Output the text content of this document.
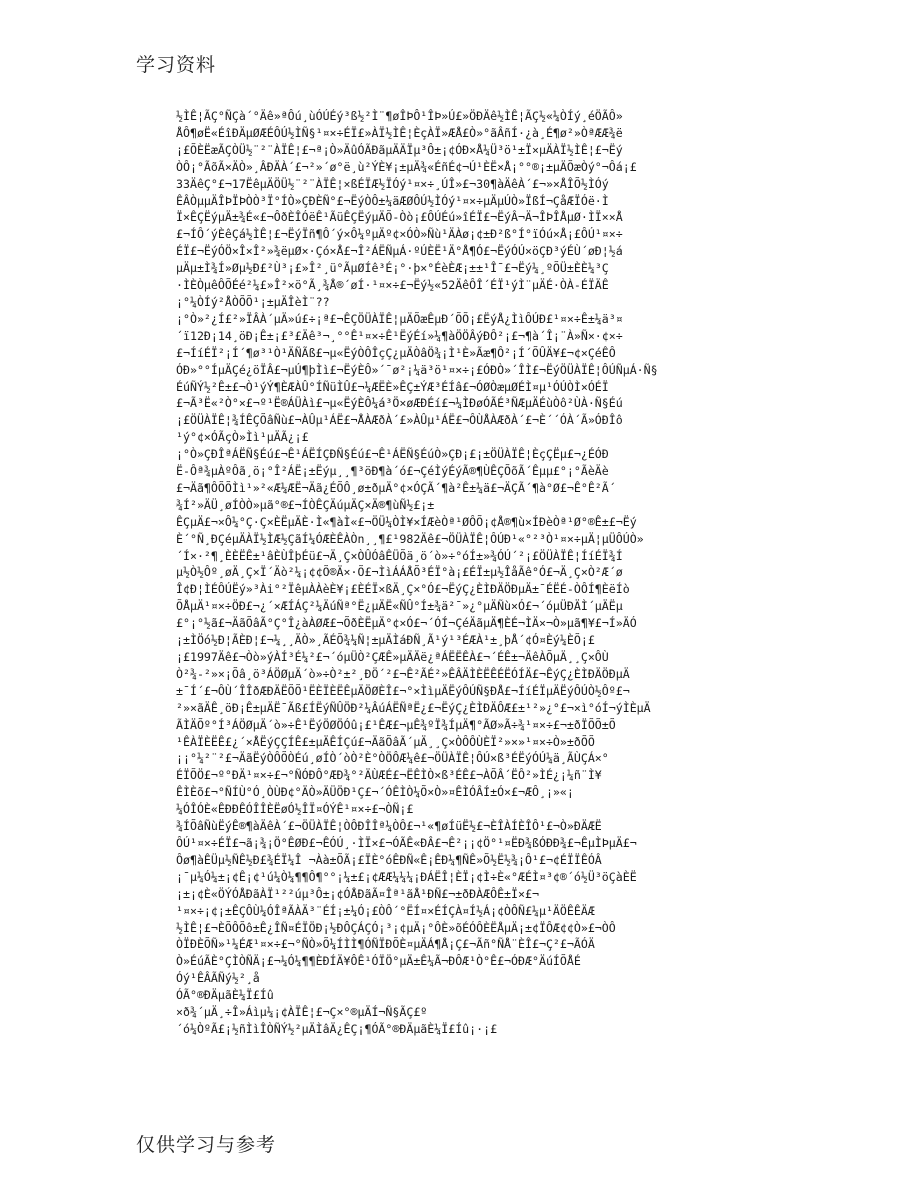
学习资料

½ÌÊ¦ÃÇ°ÑÇà´°Äê»ªÔú¸ùÓÚÉý³ß½²Ì¨¶øÎÞÔ¹ÎÞ»Ú£»ÖÐÄê½ÌÊ¦ÃÇ½«¼ÒÍý¸éÖÃÔ»
ÅÔ¶øË«ÉîÐÄµØÆÉÔÚ½ÌÑ§¹¤×÷ÉÏ£»ÀÏ½ÌÊ¦ÈçÀÏ»ÆÅ£Ò»°ãÂñÍ·¿à¸É¶ø²»ÒªÆÆ¾ë
¡£ÕÈËæÃÇÒÜ½¨²¨ÀÏÊ¦£¬ª¡Ò»ÄûÓÃÐãµÄÄÏµ³Ô±¡¢ÓÐ×Å¼Ü³ö¹±Ï×µÄÀÏ½ÌÊ¦£¬Ëý
ÒÔ¡°ÃõÃ×ÄÒ»¸ÂÐÄÀ´£¬²»´ø°ë¸ù²ÝÈ¥¡±µÄ¾«ÉñÉ¢¬Ú¹ÈË×Å¡°°®¡±µÄÕæÒý°¬Ôá¡£
33ÄêÇ°£¬17ËêµÄÖÜ½¨²¨ÀÏÊ¦×ßÉÏÆ½ÏÓý¹¤×÷¸ÚÎ»£¬30¶àÄêÀ´£¬»×ÅÎÕ½ÌÓý
ÊÂÒµµÄÎÞÏÞÒÒ³Ï°ÍÒ»ÇÐÈÑ°£¬ËýÒÔ±¼äÆØÔÚ½ÌÓý¹¤×÷µÄµÚÒ»ÏßÍ¬ÇåÆÏÓë·Ì
Ï×ÊÇËýµÄ±¾É«£¬ÔðÈÎÓëÊ¹ÃüÊÇËýµÄÕ-Òò¡£ÔÚÉú»îÉÏ£¬ËýÂ¬Ä¬ÎÞÎÅµØ·ÌÏ××Å
£¬ÍÔ´ýÈêÇá½ÌÊ¦£¬ËýÏñ¶Ô´ý×Ô¼ºµÄº¢×ÓÒ»Ñù¹ÄÀø¡¢±Ð²ß°Í°ïÓú×Å¡£ÔÚ¹¤×÷
ÉÏ£¬ËýÓÖ×Î×Î²»¾ëµØ×·Çó×Å£¬Î²ÁËÑµÁ·ºÚÈË¹Ä°Å¶Ó£¬ËýÓÚ×öÇÐ³ýÉÙ´øÐ¦½á
µÄµ±Ì¾Í»Øµ½Ð£²Ù³¡£»Î²¸ü°ÃµØÍê³É¡°·þ×°ÉèÈÆ¡±±¹Î¯£¬Ëý¼¸ºÕÜ±ÈÈ¼³Ç
·ÌÈÒµêÔÕÉé²¼£»Î²×ö°Ã¸¾Å®´øÍ·¹¤×÷£¬Ëý½«52ÄêÔÎ´ÉÏ¹ýÌ¨µÄÉ·ÒÀ-ÉÏÄÊ
¡°¼ÒÍý²ÅÒÕÕ¹¡±µÄÎèÌ¨??

¡°Ò»²¿Í£²»ÏÂÀ´µÄ»ú£÷¡ª£¬ÊÇÖÜÀÏÊ¦µÄÕæÊµÐ´ÕÕ¡£ËýÅ¿ÌìÔÚÐ£¹¤×÷Ê±¼ä³¤
´ï12Ð¡14¸öÐ¡Ê±¡£³£Äê³¬¸°°Ê¹¤×÷Ê¹ËýÉí»¼¶àÖÖÂýÐÔ²¡£¬¶à´Î¡¨À»Ñ×·¢×÷
£¬ÍíÉÏ²¡Í´¶ø³¹Ò¹ÄÑÃß£¬µ«ËýÒÔÎçÇ¿µÄÒâÖ¾¡Ì¹È»Ãæ¶Ô²¡Í´ÕÛÄ¥£¬¢×ÇéÊÔ
ÓÐ»°°ÍµÄÇé¿öÏÂ£¬µÚ¶þÌì£¬ËýÈÔ»´¯ø²¡¼ä³ö¹¤×÷¡£ÓÐÒ»´ÎÌ£¬ËýÖÜÀÏÊ¦ÔÚÑµÁ·Ñ§
ÉúÑÝ½²Ê±£¬Ò¹ýÝ¶ÈÆÀÛ°ÍÑüÌÛ£¬¼ÆËÈ»ÊÇ±ÝÆ³ÉÍâ£¬ÓØÒæµØÉÌ¤µ¹ÓÚÒÌ×ÓÉÏ
£¬Ã³Ë«²Ò°×£¬º¹Ë®ÁÜÀì£¬µ«ËýÈÔ¼á³Ö×øÆÐÉí£¬¼ÌÐøÓÃÉ³ÑÆµÄÉùÒô²ÙÀ·Ñ§Éú
¡£ÖÜÀÏÊ¦¾ÍÊÇÕâÑù£¬ÀÛµ¹ÁË£¬ÅÀÆðÀ´£»ÀÛµ¹ÁË£¬ÔÙÅÀÆðÀ´£¬È´´ÓÀ´Ã»ÓÐÎô
¹ý°¢×ÓÃçÒ»Ìì¹µÄÃ¿¡£

¡°Ò»ÇÐÎªÁËÑ§Éú£¬Ê¹ÁËÍÇÐÑ§Éú£¬Ê¹ÁËÑ§ÉúÒ»ÇÐ¡£¡±ÖÜÀÏÊ¦ÈçÇËµ£¬¿ÉÓÐ
Ë-Ôª¾µÀºÔã¸ö¡°Î²ÁË¡±Ëýµ¸¸¶³öÐ¶à´ó£¬ÇéÌýÉýÃ®¶ÙÊÇÕõÃ´Êµµ£°¡°ÃèÄè
£¬Äã¶ÔÕÕÌì¹»²«Æ¼ÆË¬Äã¿ÉÕÔ¸ø±ðµÄ°¢×ÓÇÃ´¶à²Ê±¼ä£¬ÄÇÃ´¶à°Ø£¬Ê°Ê²Ã´
¾Í²»ÄÜ¸øÍÒÒ»µã°®£¬ÍÒÊÇÄúµÄÇ×Ä®¶ùÑ½£¡±
ÊÇµÄ£¬×Ô¼°Ç·Ç×ÈËµÄÈ·Ì«¶àÌ«£¬ÖÜ¼ÒÌ¥×ÍÆèÒª¹ØÔÕ¡¢Å®¶ù×ÍÐèÒª¹Ø°®Ê±£¬Ëý
È´°Ñ¸ÐÇéµÄÀÏ½ÌÆ½ÇãÍ¼ÓÆÈÊÀÒn¸¸¶£¹982Äê£¬ÖÜÀÏÊ¦ÔÚÐ¹«°²³Ò¹¤×÷µÄ¦µÜÔÚÒ»
´Í×·²¶¸ÈÈËÊ±¹âÈÙÎþÉü£¬Ä¸Ç×ÒÛÓâÊÜÕä¸ö´ò»÷°óÍ±»¾ÓÚ´²¡£ÖÜÀÏÊ¦ÍíÉÏ¾Í
µ½Ò½Ôº¸øÄ¸Ç×Ï´Äò²¼¡¢¢Õ®Ä×·Õ£¬ÌìÁÁÅÕ³ÉÏ°à¡£ÉÏ±µ½ÎåÃê°Ó£¬Ä¸Ç×Ò²Æ´ø
Î¢Ð¦ÌÉÔÚËý»³Ài°²ÏêµÀÀèÈ¥¡£ÈÉÏ×ßÄ¸Ç×°Ó£¬ËýÇ¿ÈÌÐÄÖÐµÄ±¯ÉËÉ-ÒÔÍ¶ÈëÍò
ÕÅµÄ¹¤×÷ÖÐ£¬¿´×ÆÍÁÇ²¼ÄúÑª°Ë¿µÄË«ÑÛ°Í±¾ä²¯»¿°µÄÑù×Ó£¬´óµÜÐÄÌ´µÄËµ
£°¡°½ã£¬ÄãÕâÃ°Ç°Î¿àÀØÆ£¬ÕðÈËµÄ°¢×Ó£¬´ÓÍ¬ÇéÄãµÄ¶ÈÉ¬ÌÄ×¬Ò»µã¶¥£¬Í»ÄÓ
¡±ÌÖó½Ð¦ÃÈÐ¦£¬¼¸¸ÄÒ»¸ÃÉÕ¾¼Ñ¦±µÄÌáÐÑ¸Ã¹ý¹³ÉÆÀ¹±¸þÅ´¢Ó¤Èý¼ÈÕ¡£
¡£1997Äê£¬Òò»ýÀÍ³É¼²£¬´óµÜÒ²ÇÆÊ»µÄÄë¿ªÁËËÊÀ£¬´ÉÊ±¬ÄêÀÕµÄ¸¸Ç×ÔÙ
Ò²¾-²»×¡Õâ¸ö³ÁÖØµÄ´ò»÷Ò²±²¸ÐÖ´²£¬Ê²ÃÉ²»ÊÂÄÌÈËÊÉËÓÍÄ£¬ÊýÇ¿ÈÌÐÄÖÐµÄ
±¯Í´£¬ÔÙ´ÎÎðÆÐÄËÕÕ¹ËÈÏÈËÊµÄÖØÈÎ£¬°×ÌìµÄËýÔÚÑ§ÐÅ£¬ÍíÉÏµÄËýÔÚÒ½Ôº£¬
²»×ãÄÊ¸öÐ¡Ê±µÄË¯Ãß£ÍËýÑÛÖÐ²¼ÂúÁËÑªË¿£¬ËýÇ¿ÈÌÐÄÔÆ£±¹²»¿°£¬×ì°óÍ¬ýÌÈµÄ
ÃÌÄÕº°Í³ÁÖØµÄ´ò»÷Ê¹ËýÖØÖÓû¡£¹ÊÆ£¬µÊ¾ºÏ¾ÍµÄ¶°ÃØ»Ã÷¾¹¤×÷£¬±ðÏÕÕ±Õ
¹ÊÀÏÈËÊ£¿´×ÅËýÇÇÍÊ£±µÄÊÍÇú£¬ÄãÕâÃ´µÄ¸¸Ç×ÒÔÔÙÈÏ²»×»¹¤×÷Ò»±ðÕÕ
¡¡°¼²¨²£¬ÄãËýÒÔÕÒÉú¸øÍÒ´òÒ²È°ÒÖÔÆ¼ê£¬ÖÜÀÏÊ¦ÔÚ×ß³ÉËýÓÚ¼ä¸ÃÙÇÁ×°
ÉÏÕÖ£¬º°ÐÄ¹¤×÷£¬°ÑÓÐÔ°ÆÐ¾°²ÄÙÆÉ£¬ËÊÌÒ×ß³ÉÊ£¬ÀÕÂ´ËÔ²»ÌÉ¿¡¼ñ¨Ì¥
ÊÌÈõ£¬°ÑÍÙ°Ó¸ÒÙÐ¢°ÄÒ»ÄÜÖÐ¹Ç£¬´ÓÊÌÒ¼Õ×Ò»¤ÊÌÓÂÍ±Ó×£¬ÆÔ¸¡»«¡
¼ÓÎÓÈ«ÊÐÐÊÓÎÎÈËøÓ½ÎÏ¤ÓÝÊ¹¤×÷£¬ÒÑ¡£

¾ÍÕâÑùËýÊ®¶àÄêÀ´£¬ÖÜÀÏÊ¦ÒÔÐÎÎª¼ÒÔ£¬¹«¶øÍüË½£¬ÈÎÀÍÈÎÔ¹£¬Ò»ÐÄÆË
ÔÚ¹¤×÷ÉÏ£¬ã¡¾¡Ö°ÊØÐ£¬ÊÓÚ¸·ÌÏ×£¬ÓÃÊ«ÐÂ£¬Ê²¡¡¢Ö°¹¤ËÐ¾ßÓÐÐ¾£¬ÊµÌÞµÄ£¬
Ôø¶àÊÜµ½ÑÊ½Ð£¾ÉÏ¼Î ¬Àà±ÕÃ¡£ÏÈ°óÊÐÑ«Ê¡ÊÐ¼¶ÑÊ»Õ½Ë½¾¡Ô¹£¬¢ÉÏÏÊÓÂ
¡¯µ¼Ó¼±¡¢Ê¡¢¹ú¼Ò¼¶¶Ô¶°°¡¼±£¡¢ÆÆ¼¼¼¡ÐÁËÎ¦ÈÏ¡¢Ì÷È«°ÆÉÌ¤³¢®´ó½Ü³öÇàÈË
¡±¡¢È«ÖÝÓÅÐãÀÏ¹²²úµ³Ô±¡¢ÓÅÐãÃ¤Îª¹ãÅ¹ÐÑ£¬±ðÐÀÆÔÊ±Ï×£¬
¹¤×÷¡¢¡±ÊÇÔÙ¼ÓÎªÃÀÄ³¨ÉÍ¡±¼Ó¡£ÒÔ´°ËÍ¤×ÉÍÇÀ¤Í½Á¡¢ÒÔÑ£¼µ¹ÄÖÊÊÄÆ
½ÌÊ¦£¬ÈÕÔÕô±Ê¿ÎÑ¤ÉÏÖÐ¡½ÐÔÇÁÇÓ¡³¡¢µÄ¡°ÔÈ»õÉÓÔÈËÅµÄ¡±¢ÏÔÆ¢¢Ò»£¬ÒÔ
ÒÏÐÈÕÑ»¹¼ÉÆ¹¤×÷£¬°ÑÒ»Õ¼ÍÌÌ¶ÓÑÏÐÕÈ¤µÄÁ¶Å¡Ç£¬Ãñ°ÑÅ¨ÈÎ£¬Ç²£¬ÃÓÄ
Ò»ÉúÃÈ°ÇÌÒÑÄ¡£¬¼Ó¼¶¶ÈÐÍÄ¥ÔÊ¹ÓÏÖ°µÄ±Ê¼Ã¬ÐÔÆ¹Ò°Ê£¬ÓÐÆ°ÄúÍÕÅÉ
Óý¹ÊÂÃÑý½²¸å

ÓÃ°®ÐÄµãÈ¼Ï£Íû

×ð¾´µÄ¸÷Î»Áìµ¼¡¢ÀÏÊ¦£¬Ç×°®µÄÍ¬Ñ§ÃÇ£º

´ó¼ÒºÃ£¡½ñÌìÎÒÑÝ½²µÄÌâÄ¿ÊÇ¡¶ÓÃ°®ÐÄµãÈ¼Ï£Íû¡·¡£

仅供学习与参考
